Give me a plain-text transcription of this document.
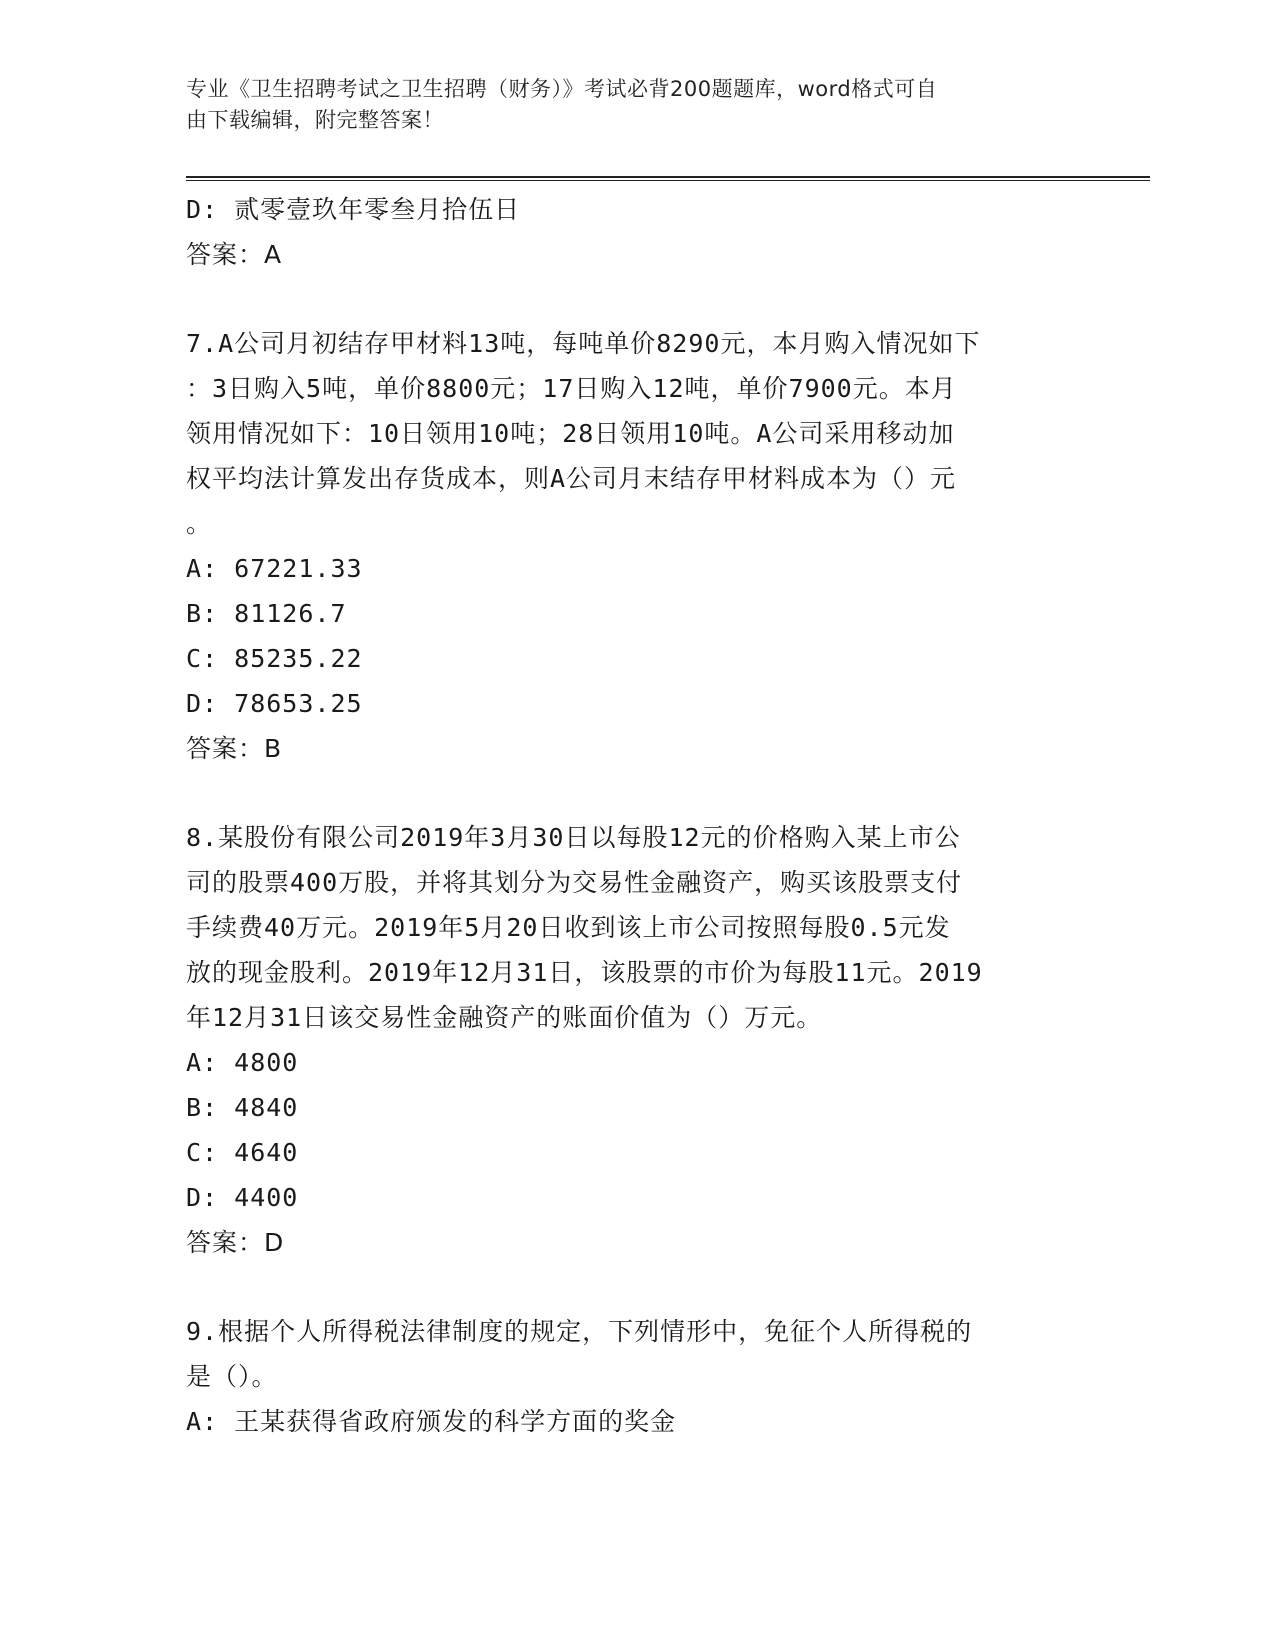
专业《卫生招聘考试之卫生招聘（财务）》考试必背200题题库，word格式可自
由下载编辑，附完整答案！
D: 贰零壹玖年零叁月拾伍日
答案：A
7.A公司月初结存甲材料13吨，每吨单价8290元，本月购入情况如下
：3日购入5吨，单价8800元；17日购入12吨，单价7900元。本月
领用情况如下：10日领用10吨；28日领用10吨。A公司采用移动加
权平均法计算发出存货成本，则A公司月末结存甲材料成本为（）元
。
A: 67221.33
B: 81126.7
C: 85235.22
D: 78653.25
答案：B
8.某股份有限公司2019年3月30日以每股12元的价格购入某上市公
司的股票400万股，并将其划分为交易性金融资产，购买该股票支付
手续费40万元。2019年5月20日收到该上市公司按照每股0.5元发
放的现金股利。2019年12月31日，该股票的市价为每股11元。2019
年12月31日该交易性金融资产的账面价值为（）万元。
A: 4800
B: 4840
C: 4640
D: 4400
答案：D
9.根据个人所得税法律制度的规定，下列情形中，免征个人所得税的
是（）。
A: 王某获得省政府颁发的科学方面的奖金
